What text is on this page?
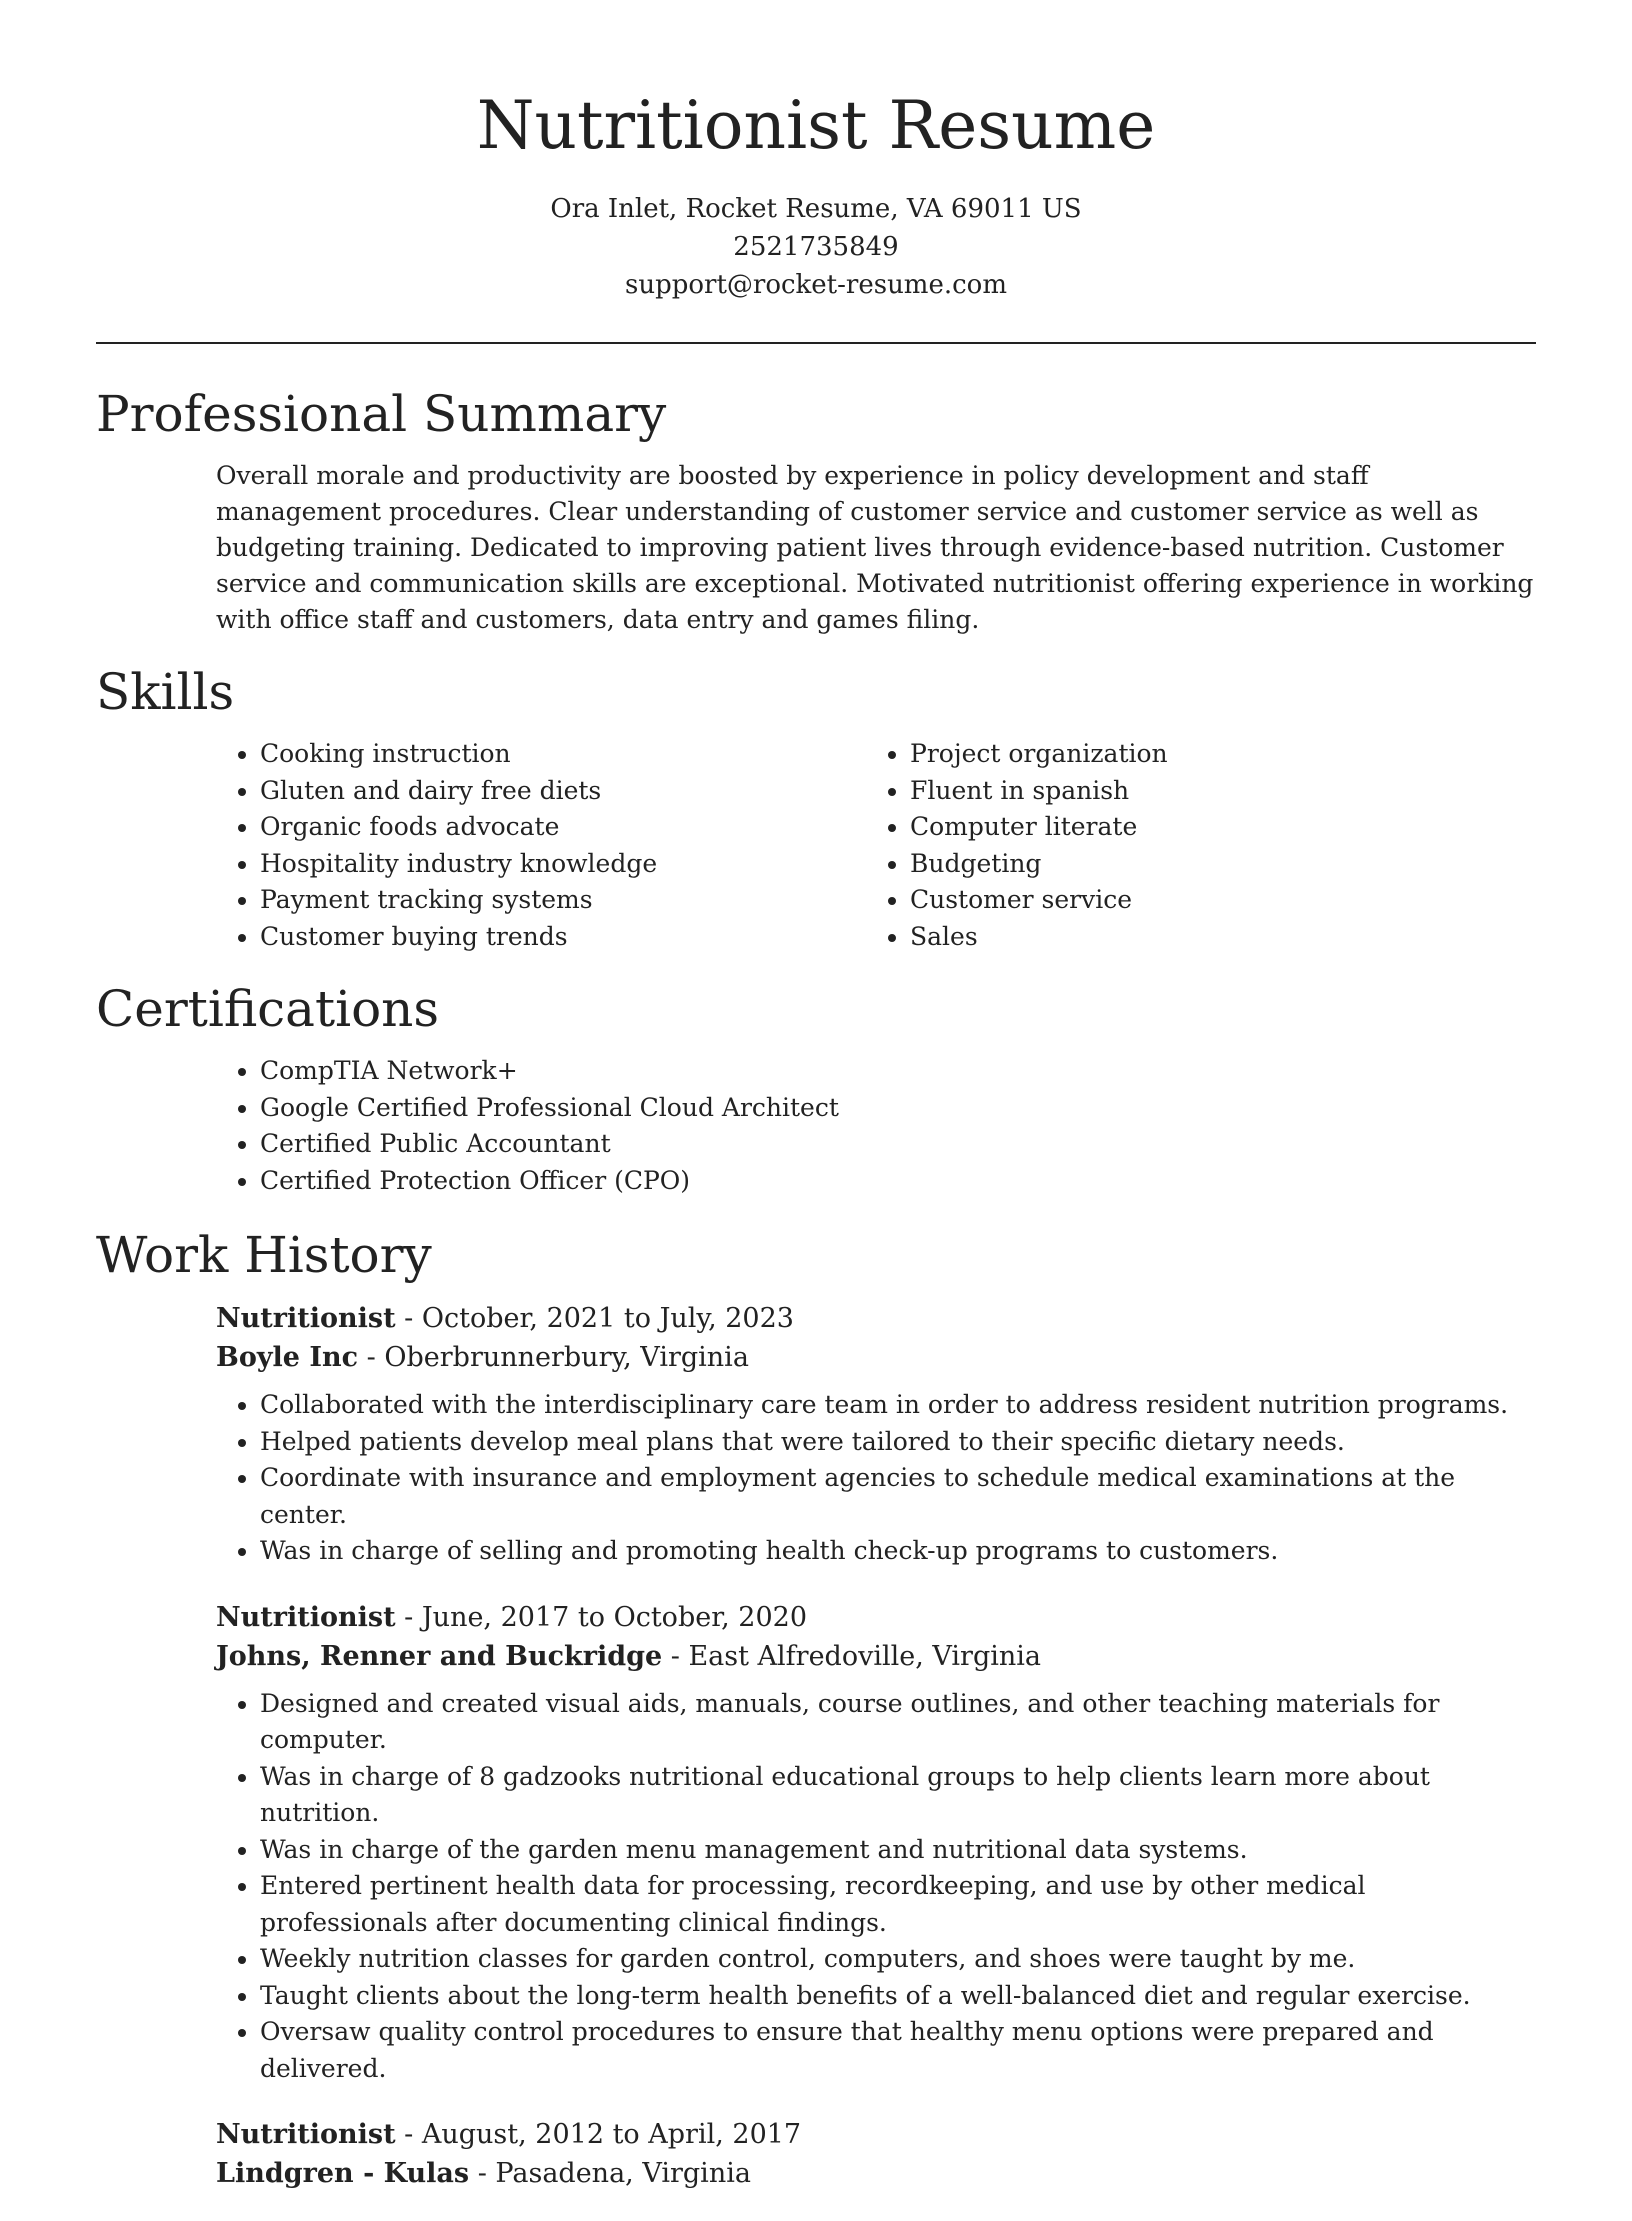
Nutritionist Resume
Ora Inlet, Rocket Resume, VA 69011 US
2521735849
support@rocket-resume.com
Professional Summary

Overall morale and productivity are boosted by experience in policy development and staff management procedures. Clear understanding of customer service and customer service as well as budgeting training. Dedicated to improving patient lives through evidence-based nutrition. Customer service and communication skills are exceptional. Motivated nutritionist offering experience in working with office staff and customers, data entry and games filing.

Skills
• Cooking instruction
• Gluten and dairy free diets
• Organic foods advocate
• Hospitality industry knowledge
• Payment tracking systems
• Customer buying trends
• Project organization
• Fluent in spanish
• Computer literate
• Budgeting
• Customer service
• Sales
Certifications
• CompTIA Network+
• Google Certified Professional Cloud Architect
• Certified Public Accountant
• Certified Protection Officer (CPO)
Work History
Nutritionist - October, 2021 to July, 2023
Boyle Inc - Oberbrunnerbury, Virginia
• Collaborated with the interdisciplinary care team in order to address resident nutrition programs.
• Helped patients develop meal plans that were tailored to their specific dietary needs.
• Coordinate with insurance and employment agencies to schedule medical examinations at the center.
• Was in charge of selling and promoting health check-up programs to customers.
Nutritionist - June, 2017 to October, 2020
Johns, Renner and Buckridge - East Alfredoville, Virginia
• Designed and created visual aids, manuals, course outlines, and other teaching materials for computer.
• Was in charge of 8 gadzooks nutritional educational groups to help clients learn more about nutrition.
• Was in charge of the garden menu management and nutritional data systems.
• Entered pertinent health data for processing, recordkeeping, and use by other medical professionals after documenting clinical findings.
• Weekly nutrition classes for garden control, computers, and shoes were taught by me.
• Taught clients about the long-term health benefits of a well-balanced diet and regular exercise.
• Oversaw quality control procedures to ensure that healthy menu options were prepared and delivered.
Nutritionist - August, 2012 to April, 2017
Lindgren - Kulas - Pasadena, Virginia
